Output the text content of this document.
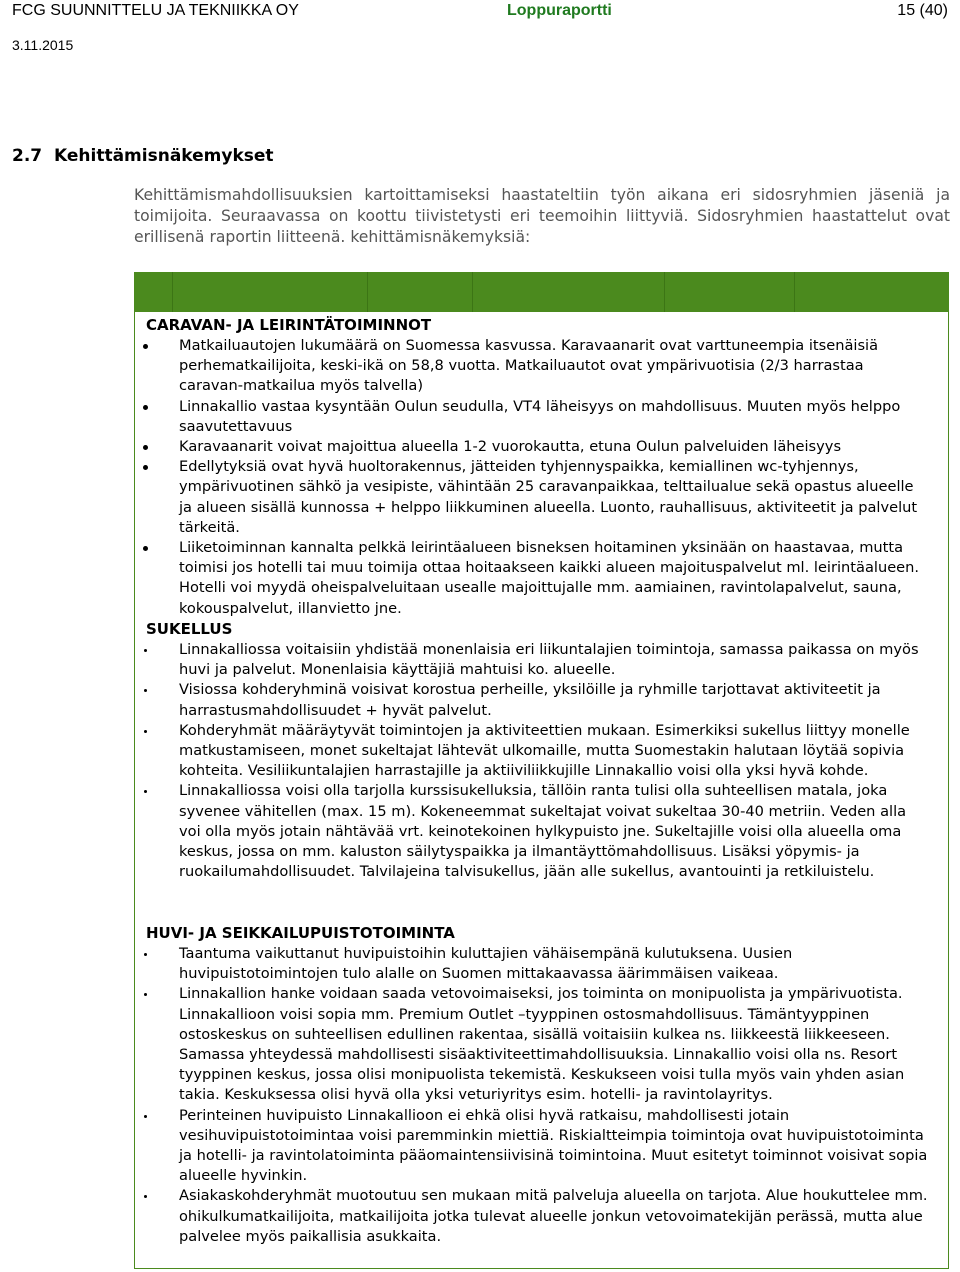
FCG SUUNNITTELU JA TEKNIIKKA OY	Loppuraportti	15 (40)
3.11.2015
2.7 Kehittämisnäkemykset
Kehittämismahdollisuuksien kartoittamiseksi haastateltiin työn aikana eri sidosryhmien jäseniä ja toimijoita. Seuraavassa on koottu tiivistetysti eri teemoihin liittyviä. Sidosryhmien haastattelut ovat erillisenä raportin liitteenä. kehittämisnäkemyksiä:
CARAVAN- JA LEIRINTÄTOIMINNOT
Matkailuautojen lukumäärä on Suomessa kasvussa. Karavaanarit ovat varttuneempia itsenäisiä perhematkailijoita, keski-ikä on 58,8 vuotta. Matkailuautot ovat ympärivuotisia (2/3 harrastaa caravan-matkailua myös talvella)
Linnakallio vastaa kysyntään Oulun seudulla, VT4 läheisyys on mahdollisuus. Muuten myös helppo saavutettavuus
Karavaanarit voivat majoittua alueella 1-2 vuorokautta, etuna Oulun palveluiden läheisyys
Edellytyksiä ovat hyvä huoltorakennus, jätteiden tyhjennyspaikka, kemiallinen wc-tyhjennys, ympärivuotinen sähkö ja vesipiste, vähintään 25 caravanpaikkaa, telttailualue sekä opastus alueelle ja alueen sisällä kunnossa + helppo liikkuminen alueella. Luonto, rauhallisuus, aktiviteetit ja palvelut tärkeitä.
Liiketoiminnan kannalta pelkkä leirintäalueen bisneksen hoitaminen yksinään on haastavaa, mutta toimisi jos hotelli tai muu toimija ottaa hoitaakseen kaikki alueen majoituspalvelut ml. leirintäalueen. Hotelli voi myydä oheispalveluitaan usealle majoittujalle mm. aamiainen, ravintolapalvelut, sauna, kokouspalvelut, illanvietto jne.
SUKELLUS
Linnakalliossa voitaisiin yhdistää monenlaisia eri liikuntalajien toimintoja, samassa paikassa on myös huvi ja palvelut. Monenlaisia käyttäjiä mahtuisi ko. alueelle.
Visiossa kohderyhminä voisivat korostua perheille, yksilöille ja ryhmille tarjottavat aktiviteetit ja harrastusmahdollisuudet + hyvät palvelut.
Kohderyhmät määräytyvät toimintojen ja aktiviteettien mukaan. Esimerkiksi sukellus liittyy monelle matkustamiseen, monet sukeltajat lähtevät ulkomaille, mutta Suomestakin halutaan löytää sopivia kohteita. Vesiliikuntalajien harrastajille ja aktiiviliikkujille Linnakallio voisi olla yksi hyvä kohde.
Linnakalliossa voisi olla tarjolla kurssisukelluksia, tällöin ranta tulisi olla suhteellisen matala, joka syvenee vähitellen (max. 15 m). Kokeneemmat sukeltajat voivat sukeltaa 30-40 metriin. Veden alla voi olla myös jotain nähtävää vrt. keinotekoinen hylkypuisto jne. Sukeltajille voisi olla alueella oma keskus, jossa on mm. kaluston säilytyspaikka ja ilmantäyttömahdollisuus. Lisäksi yöpymis- ja ruokailumahdollisuudet. Talvilajeina talvisukellus, jään alle sukellus, avantouinti ja retkiluistelu.
HUVI- JA SEIKKAILUPUISTOTOIMINTA
Taantuma vaikuttanut huvipuistoihin kuluttajien vähäisempänä kulutuksena. Uusien huvipuistotoimintojen tulo alalle on Suomen mittakaavassa äärimmäisen vaikeaa.
Linnakallion hanke voidaan saada vetovoimaiseksi, jos toiminta on monipuolista ja ympärivuotista. Linnakallioon voisi sopia mm. Premium Outlet –tyyppinen ostosmahdollisuus. Tämäntyyppinen ostoskeskus on suhteellisen edullinen rakentaa, sisällä voitaisiin kulkea ns. liikkeestä liikkeeseen. Samassa yhteydessä mahdollisesti sisäaktiviteettimahdollisuuksia. Linnakallio voisi olla ns. Resort tyyppinen keskus, jossa olisi monipuolista tekemistä. Keskukseen voisi tulla myös vain yhden asian takia. Keskuksessa olisi hyvä olla yksi veturiyritys esim. hotelli- ja ravintolayritys.
Perinteinen huvipuisto Linnakallioon ei ehkä olisi hyvä ratkaisu, mahdollisesti jotain vesihuvipuistotoimintaa voisi paremminkin miettiä. Riskialtteimpia toimintoja ovat huvipuistotoiminta ja hotelli- ja ravintolatoiminta pääomaintensiivisinä toimintoina. Muut esitetyt toiminnot voisivat sopia alueelle hyvinkin.
Asiakaskohderyhmät muotoutuu sen mukaan mitä palveluja alueella on tarjota. Alue houkuttelee mm. ohikulkumatkailijoita, matkailijoita jotka tulevat alueelle jonkun vetovoimatekijän perässä, mutta alue palvelee myös paikallisia asukkaita.
